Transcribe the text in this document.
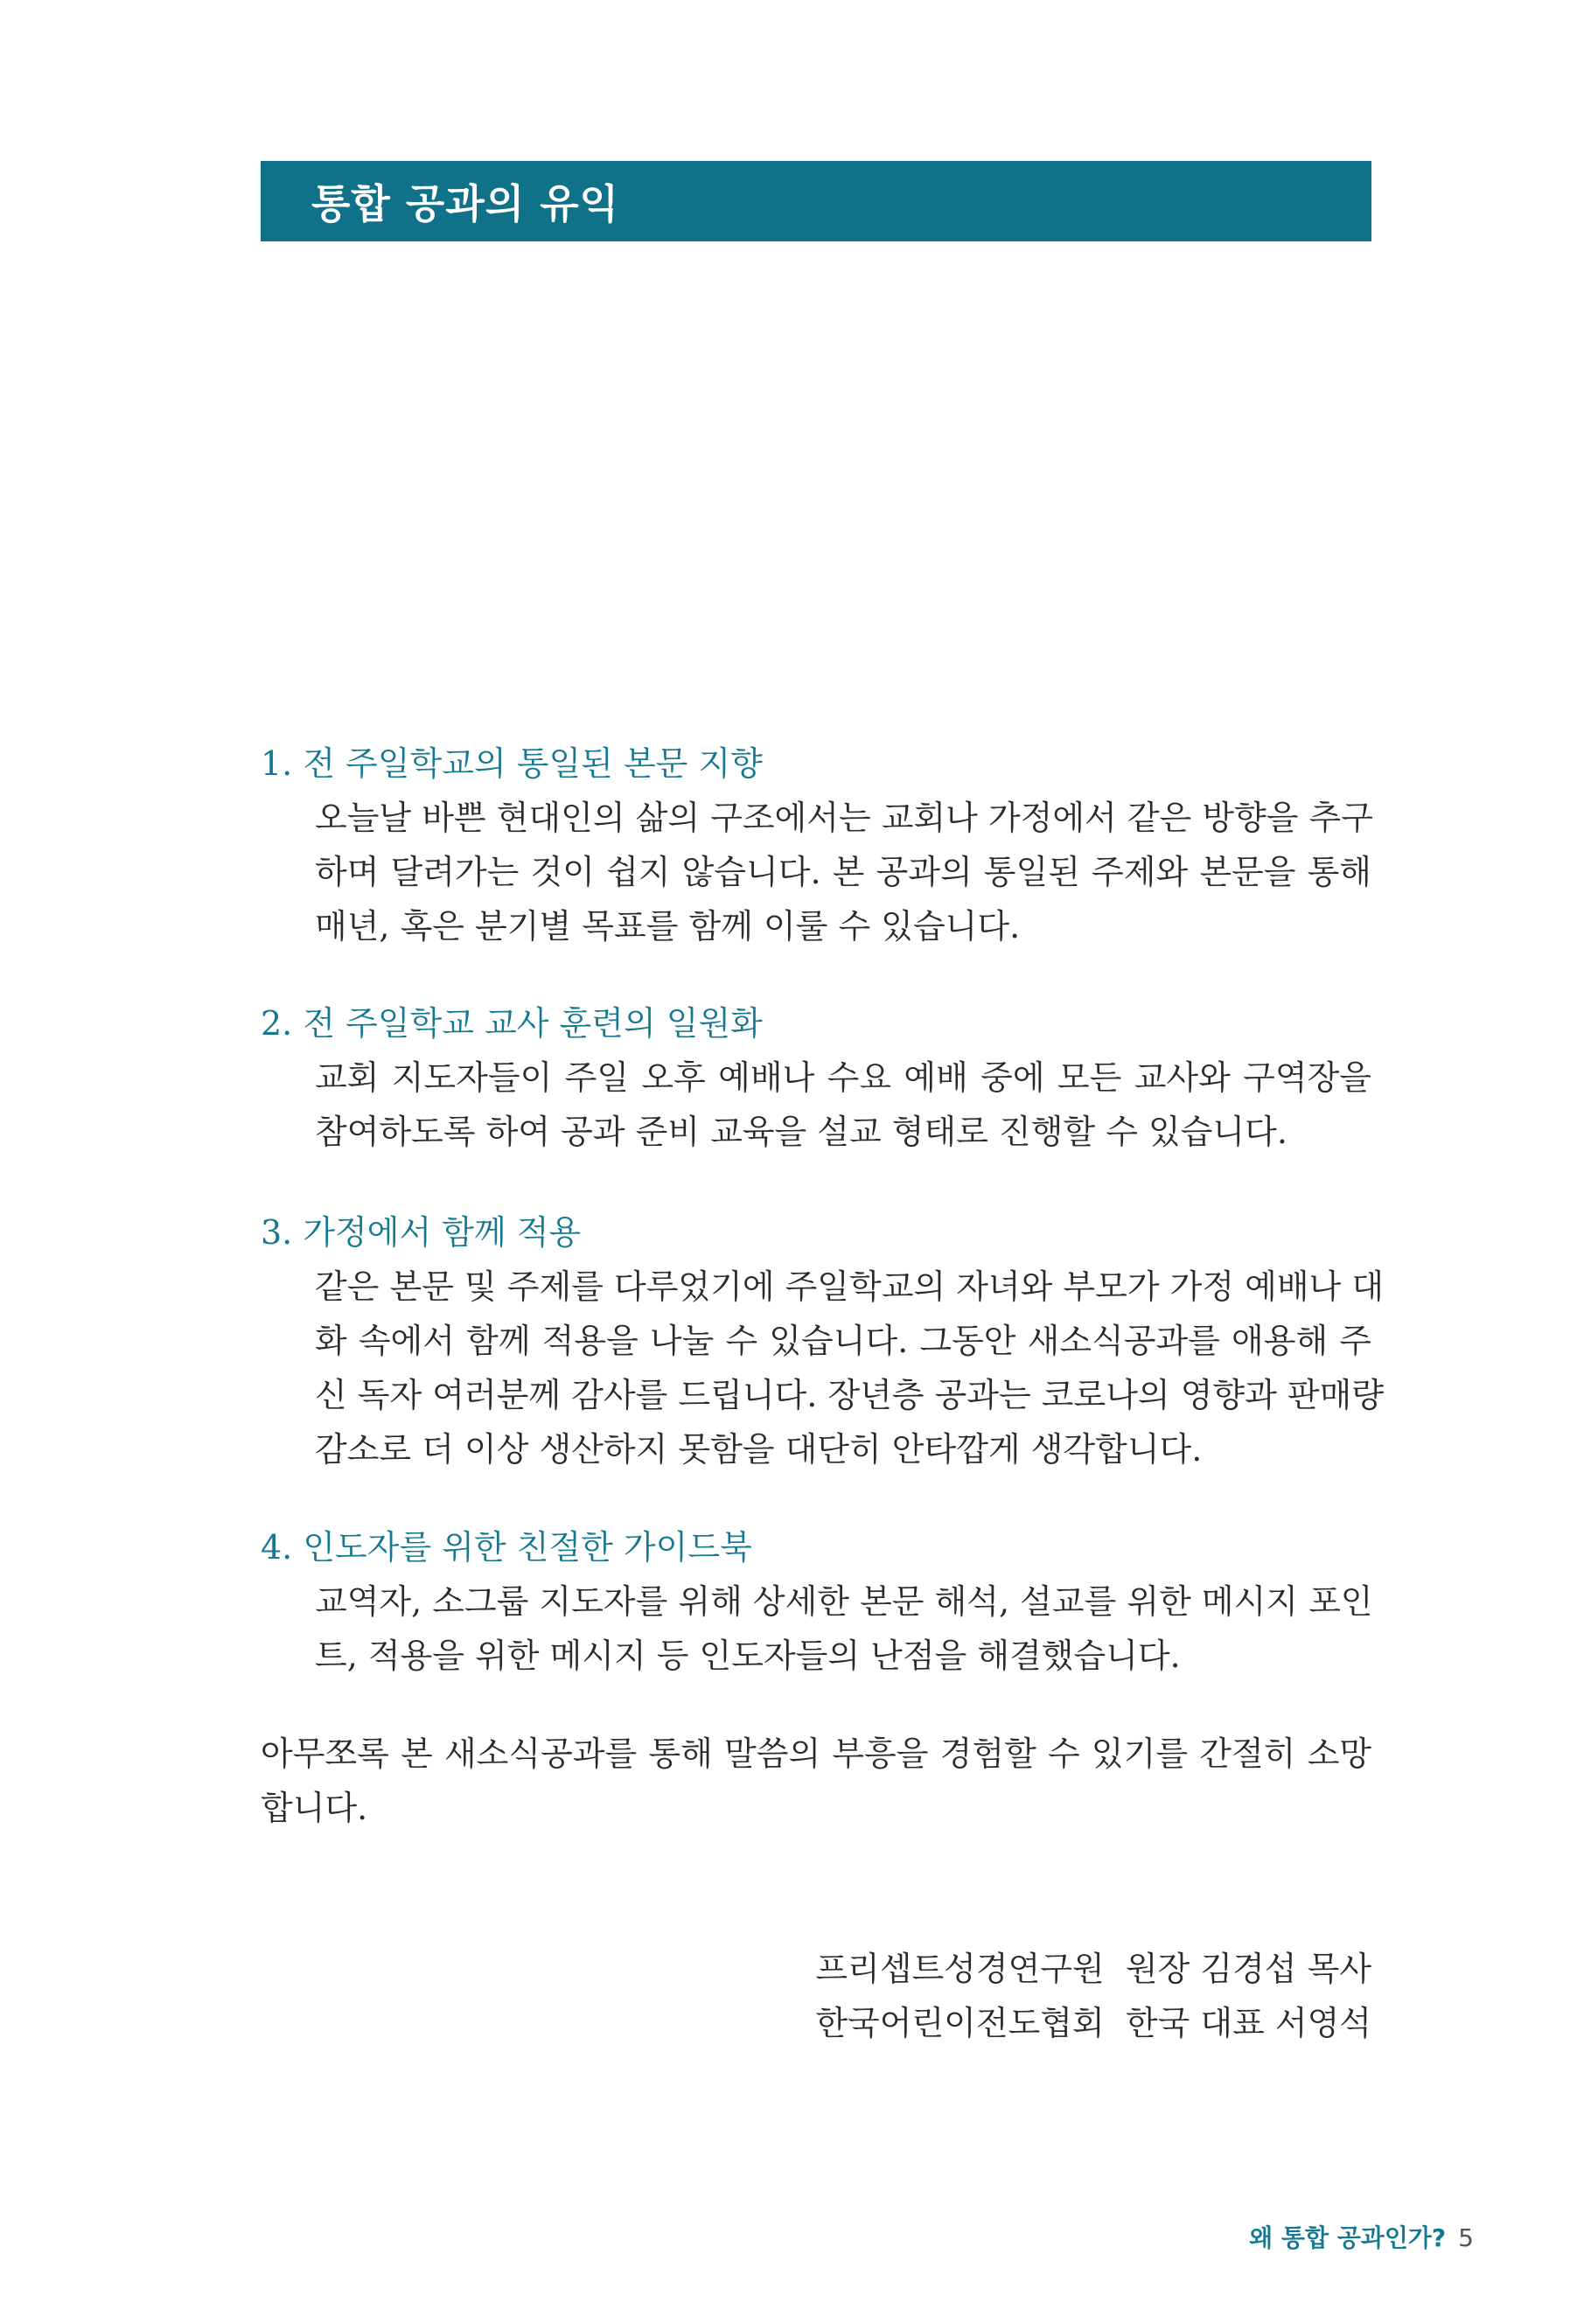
통합 공과의 유익
1. 전 주일학교의 통일된 본문 지향
오늘날 바쁜 현대인의 삶의 구조에서는 교회나 가정에서 같은 방향을 추구
하며 달려가는 것이 쉽지 않습니다. 본 공과의 통일된 주제와 본문을 통해
매년, 혹은 분기별 목표를 함께 이룰 수 있습니다.
2. 전 주일학교 교사 훈련의 일원화
교회 지도자들이 주일 오후 예배나 수요 예배 중에 모든 교사와 구역장을
참여하도록 하여 공과 준비 교육을 설교 형태로 진행할 수 있습니다.
3. 가정에서 함께 적용
같은 본문 및 주제를 다루었기에 주일학교의 자녀와 부모가 가정 예배나 대
화 속에서 함께 적용을 나눌 수 있습니다. 그동안 새소식공과를 애용해 주
신 독자 여러분께 감사를 드립니다. 장년층 공과는 코로나의 영향과 판매량
감소로 더 이상 생산하지 못함을 대단히 안타깝게 생각합니다.
4. 인도자를 위한 친절한 가이드북
교역자, 소그룹 지도자를 위해 상세한 본문 해석, 설교를 위한 메시지 포인
트, 적용을 위한 메시지 등 인도자들의 난점을 해결했습니다.
아무쪼록 본 새소식공과를 통해 말씀의 부흥을 경험할 수 있기를 간절히 소망
합니다.
프리셉트성경연구원  원장 김경섭 목사
한국어린이전도협회  한국 대표 서영석
왜 통합 공과인가? 5
